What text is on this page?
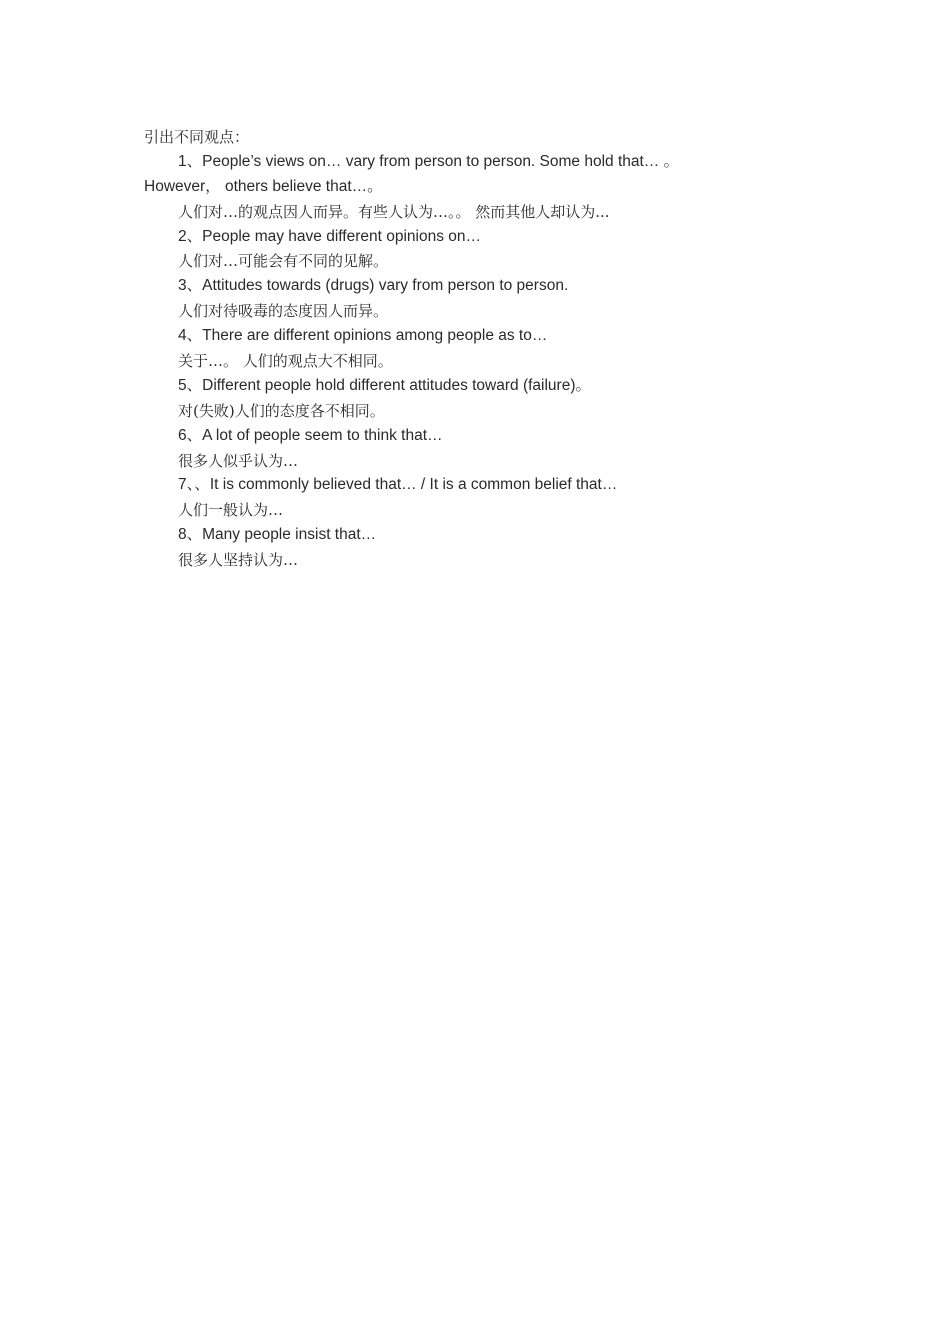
引出不同观点：
1、People’s views on… vary from person to person. Some hold that… 。
However， others believe that…。
人们对…的观点因人而异。有些人认为…。。 然而其他人却认为...
2、People may have different opinions on…
人们对…可能会有不同的见解。
3、Attitudes towards (drugs) vary from person to person.
人们对待吸毒的态度因人而异。
4、There are different opinions among people as to…
关于…。 人们的观点大不相同。
5、Different people hold different attitudes toward (failure)。
对(失败)人们的态度各不相同。
6、A lot of people seem to think that…
很多人似乎认为…
7、、It is commonly believed that… / It is a common belief that…
人们一般认为…
8、Many people insist that…
很多人坚持认为…
